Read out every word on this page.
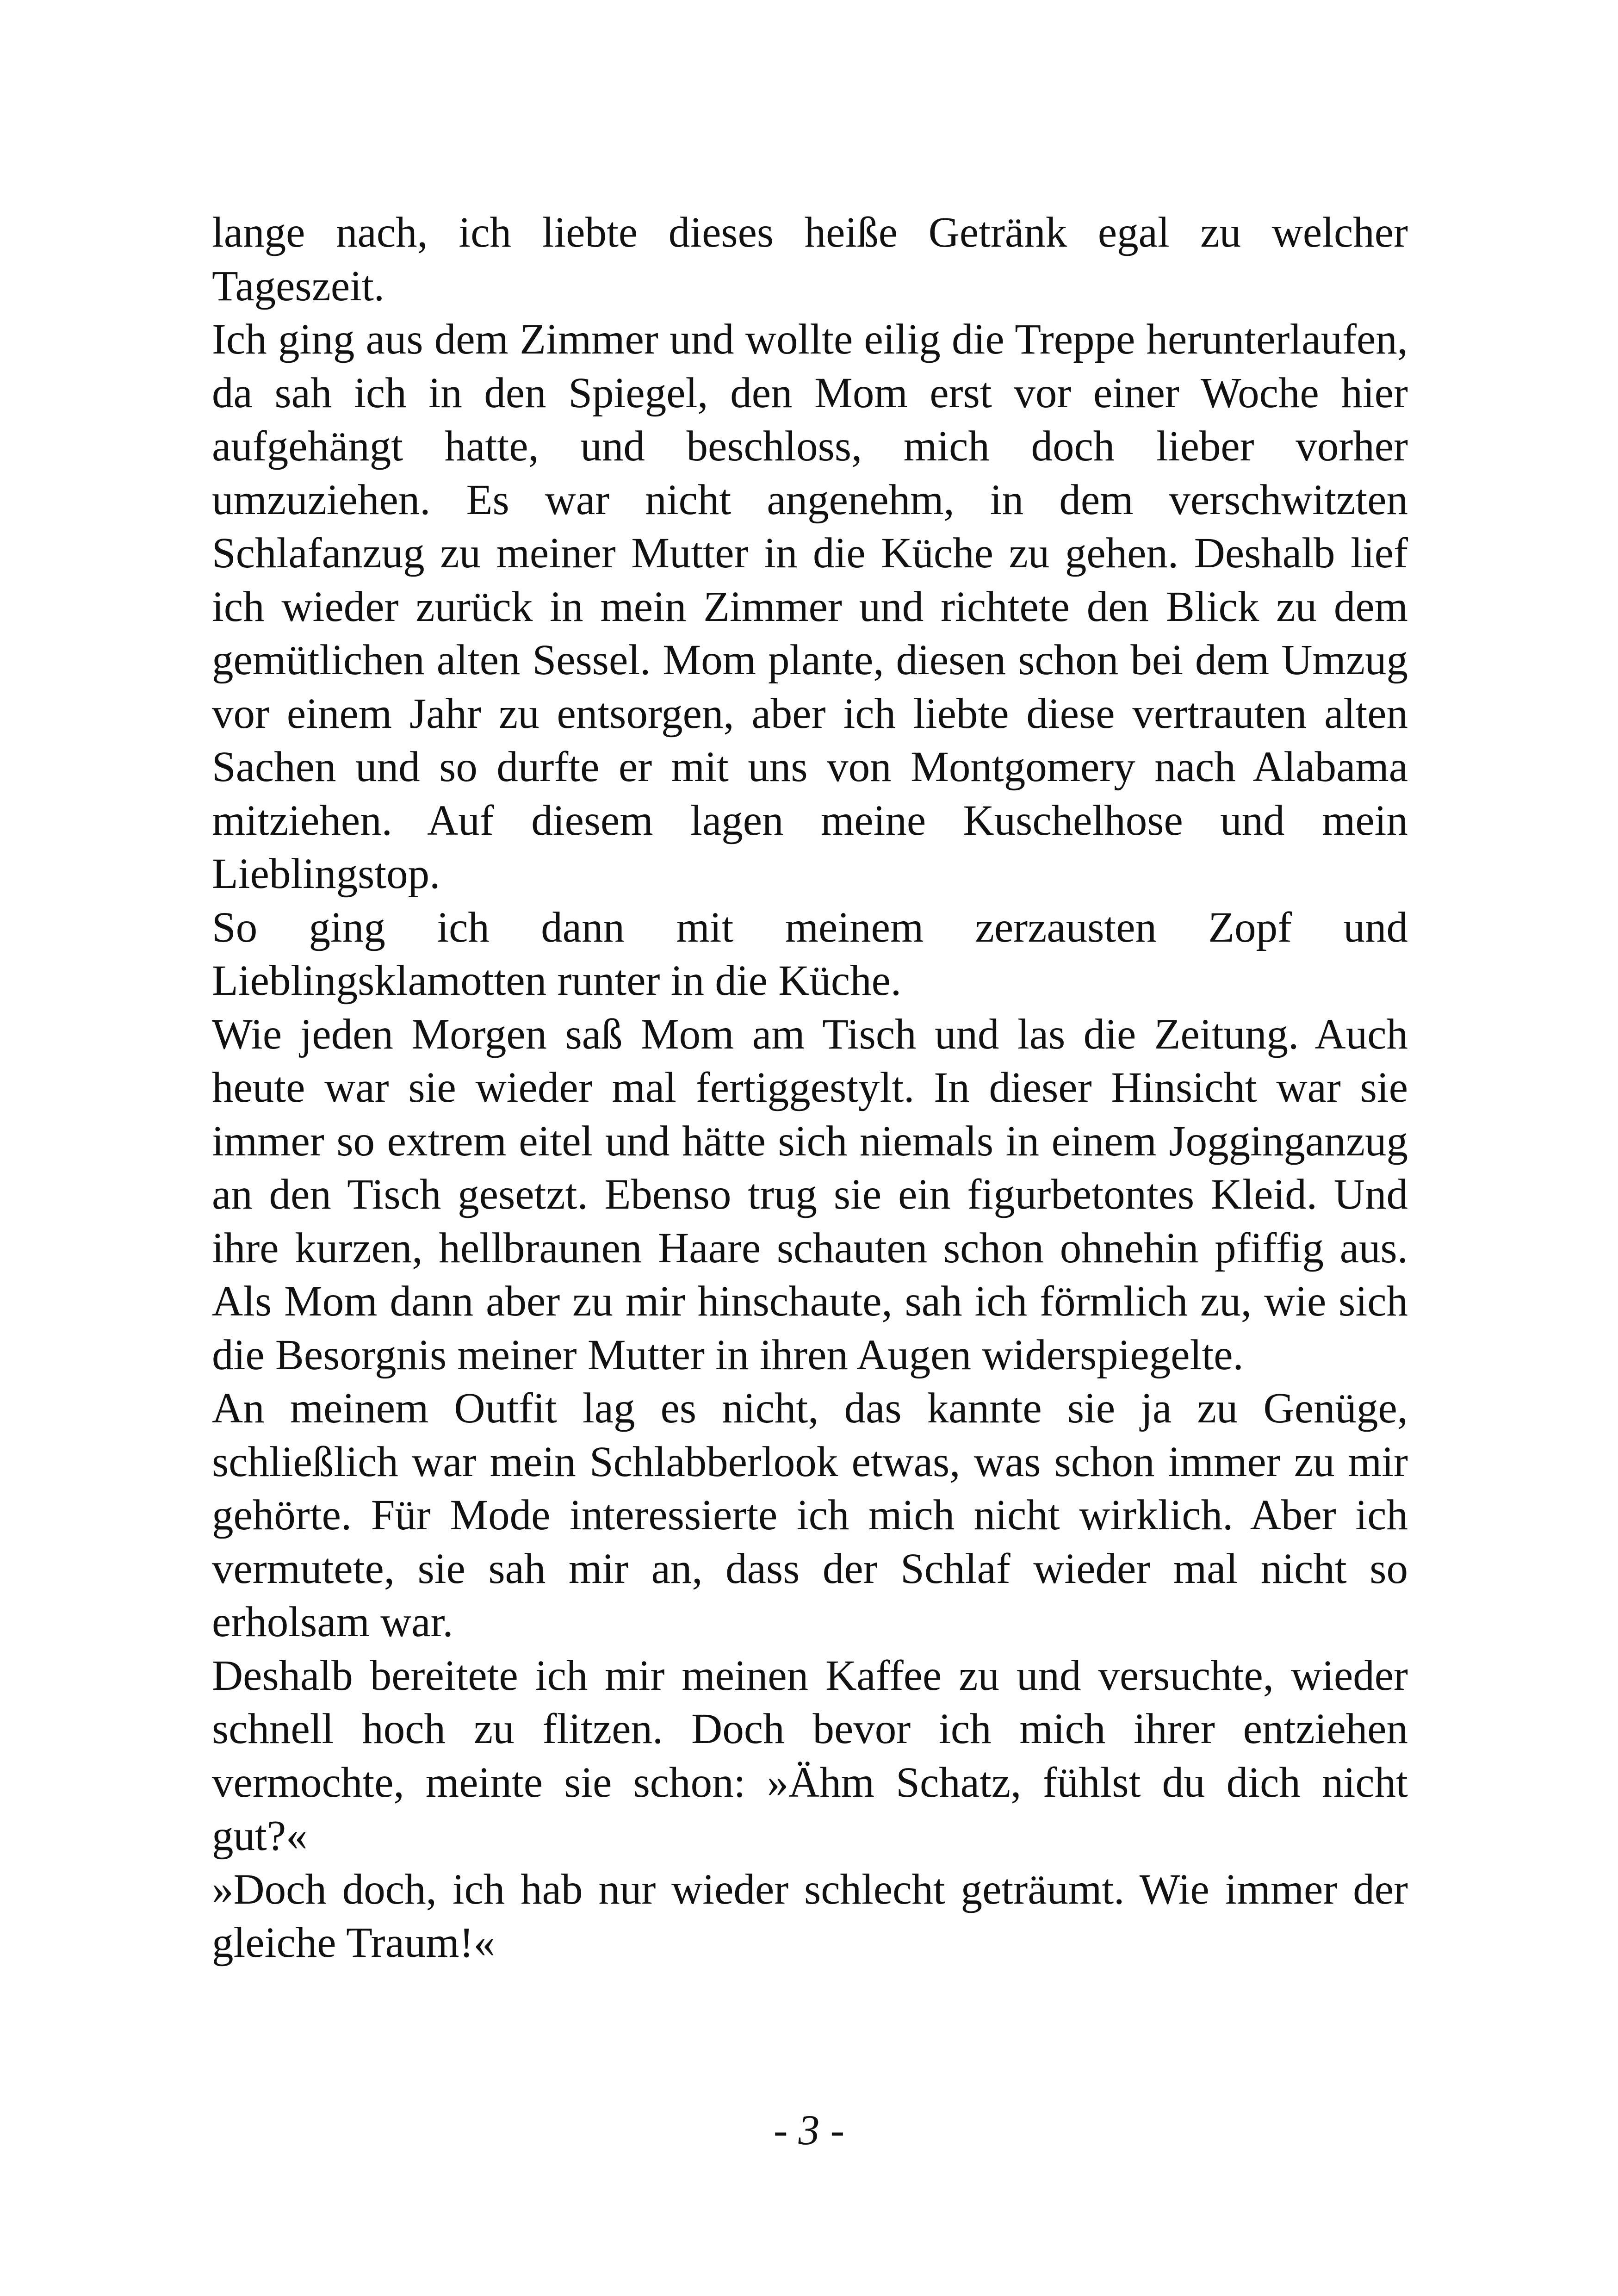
lange nach, ich liebte dieses heiße Getränk egal zu welcher Tageszeit.

Ich ging aus dem Zimmer und wollte eilig die Treppe herunterlaufen, da sah ich in den Spiegel, den Mom erst vor einer Woche hier aufgehängt hatte, und beschloss, mich doch lieber vorher umzuziehen. Es war nicht angenehm, in dem verschwitzten Schlafanzug zu meiner Mutter in die Küche zu gehen. Deshalb lief ich wieder zurück in mein Zimmer und richtete den Blick zu dem gemütlichen alten Sessel. Mom plante, diesen schon bei dem Umzug vor einem Jahr zu entsorgen, aber ich liebte diese vertrauten alten Sachen und so durfte er mit uns von Montgomery nach Alabama mitziehen. Auf diesem lagen meine Kuschelhose und mein Lieblingstop.

So ging ich dann mit meinem zerzausten Zopf und Lieblingsklamotten runter in die Küche.

Wie jeden Morgen saß Mom am Tisch und las die Zeitung. Auch heute war sie wieder mal fertiggestylt. In dieser Hinsicht war sie immer so extrem eitel und hätte sich niemals in einem Jogginganzug an den Tisch gesetzt. Ebenso trug sie ein figurbetontes Kleid. Und ihre kurzen, hellbraunen Haare schauten schon ohnehin pfiffig aus. Als Mom dann aber zu mir hinschaute, sah ich förmlich zu, wie sich die Besorgnis meiner Mutter in ihren Augen widerspiegelte.

An meinem Outfit lag es nicht, das kannte sie ja zu Genüge, schließlich war mein Schlabberlook etwas, was schon immer zu mir gehörte. Für Mode interessierte ich mich nicht wirklich. Aber ich vermutete, sie sah mir an, dass der Schlaf wieder mal nicht so erholsam war.

Deshalb bereitete ich mir meinen Kaffee zu und versuchte, wieder schnell hoch zu flitzen. Doch bevor ich mich ihrer entziehen vermochte, meinte sie schon: »Ähm Schatz, fühlst du dich nicht gut?«

»Doch doch, ich hab nur wieder schlecht geträumt. Wie immer der gleiche Traum!«

- 3 -
